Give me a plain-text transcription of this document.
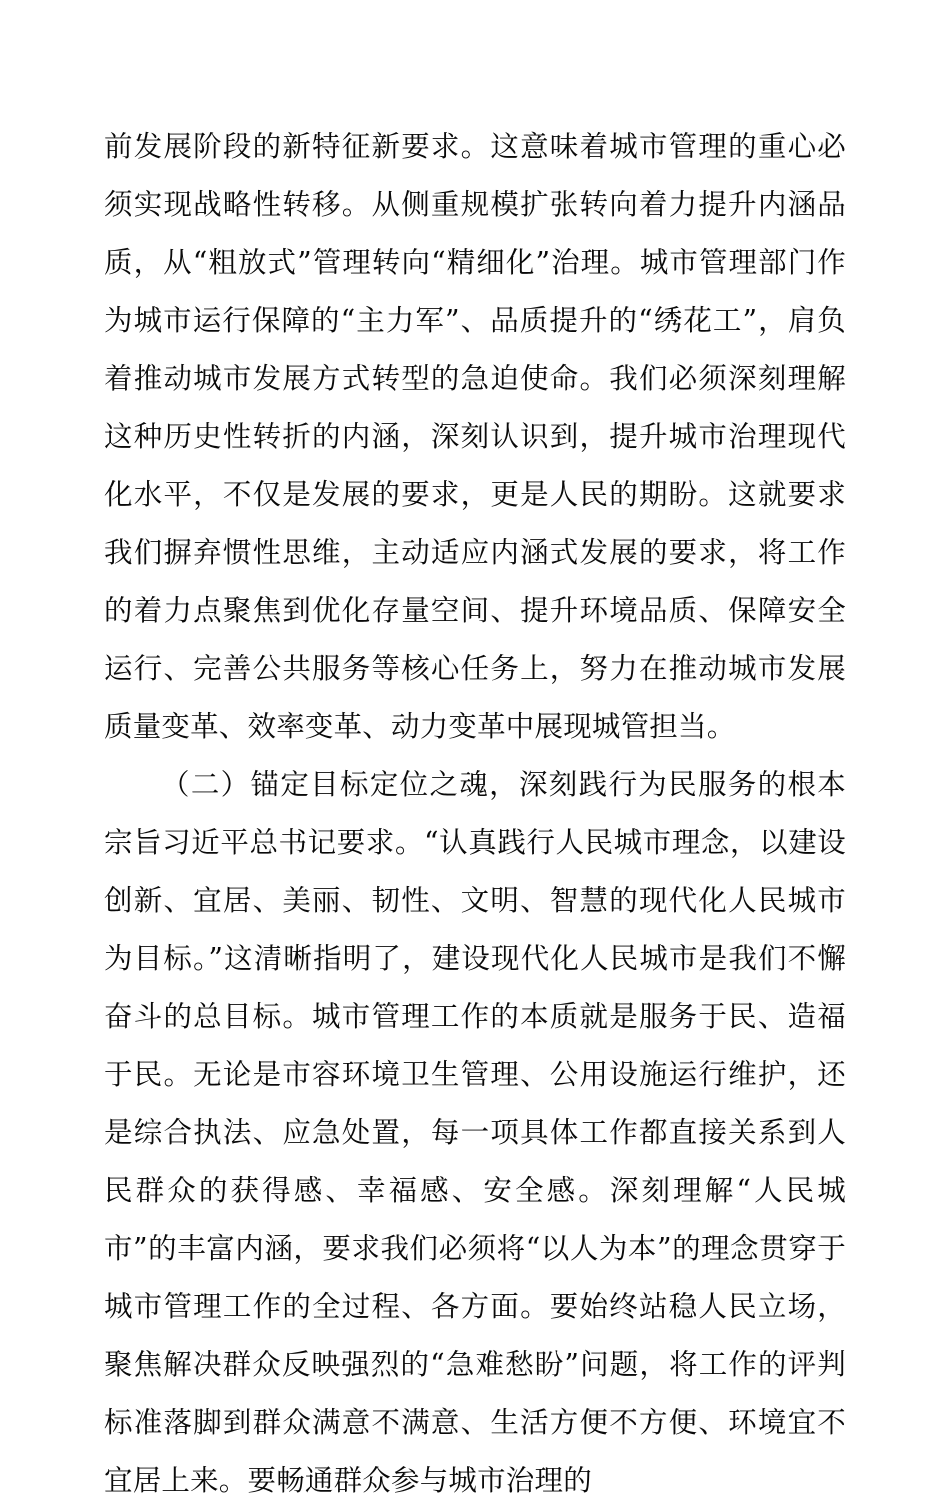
前发展阶段的新特征新要求。这意味着城市管理的重心必须实现战略性转移。从侧重规模扩张转向着力提升内涵品质，从“粗放式”管理转向“精细化”治理。城市管理部门作为城市运行保障的“主力军”、品质提升的“绣花工”，肩负着推动城市发展方式转型的急迫使命。我们必须深刻理解这种历史性转折的内涵，深刻认识到，提升城市治理现代化水平，不仅是发展的要求，更是人民的期盼。这就要求我们摒弃惯性思维，主动适应内涵式发展的要求，将工作的着力点聚焦到优化存量空间、提升环境品质、保障安全运行、完善公共服务等核心任务上，努力在推动城市发展质量变革、效率变革、动力变革中展现城管担当。

（二）锚定目标定位之魂，深刻践行为民服务的根本宗旨习近平总书记要求。“认真践行人民城市理念，以建设创新、宜居、美丽、韧性、文明、智慧的现代化人民城市为目标。”这清晰指明了，建设现代化人民城市是我们不懈奋斗的总目标。城市管理工作的本质就是服务于民、造福于民。无论是市容环境卫生管理、公用设施运行维护，还是综合执法、应急处置，每一项具体工作都直接关系到人民群众的获得感、幸福感、安全感。深刻理解“人民城市”的丰富内涵，要求我们必须将“以人为本”的理念贯穿于城市管理工作的全过程、各方面。要始终站稳人民立场，聚焦解决群众反映强烈的“急难愁盼”问题，将工作的评判标准落脚到群众满意不满意、生活方便不方便、环境宜不宜居上来。要畅通群众参与城市治理的
